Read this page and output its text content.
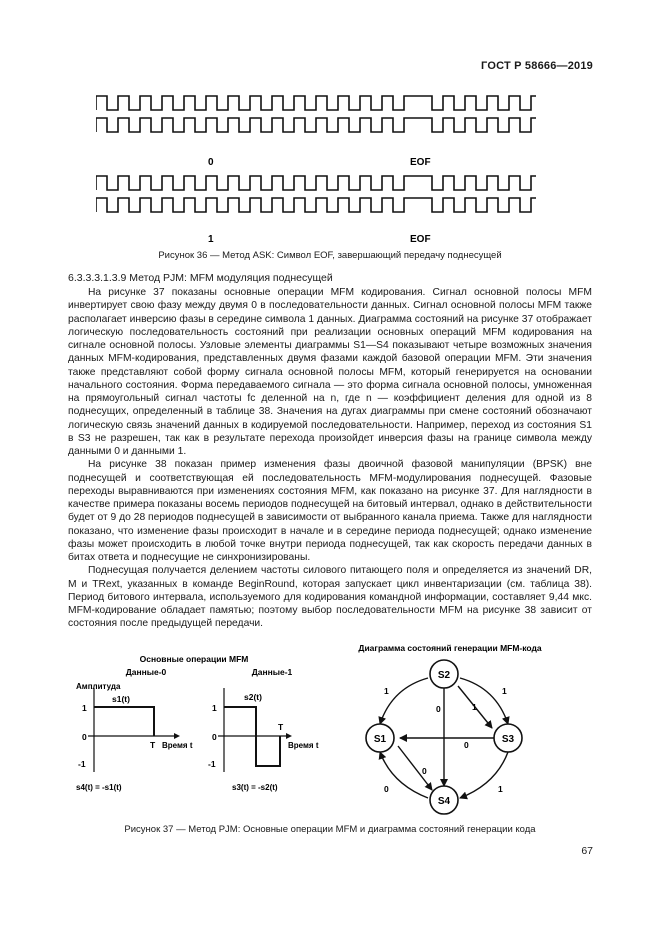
ГОСТ Р 58666—2019
0	EOF
1	EOF
Рисунок 36 — Метод ASK: Символ EOF, завершающий передачу поднесущей
6.3.3.3.1.3.9 Метод PJM: MFM модуляция поднесущей

На рисунке 37 показаны основные операции MFM кодирования. Сигнал основной полосы MFM инвертирует свою фазу между двумя 0 в последовательности данных. Сигнал основной полосы MFM также располагает инверсию фазы в середине символа 1 данных. Диаграмма состояний на рисунке 37 отображает логическую последовательность состояний при реализации основных операций MFM кодирования на сигнале основной полосы. Узловые элементы диаграммы S1—S4 показывают четыре возможных значения данных MFM-кодирования, представленных двумя фазами каждой базовой операции MFM. Эти значения также представляют собой форму сигнала основной полосы MFM, который генерируется на основании начального состояния. Форма передаваемого сигнала — это форма сигнала основной полосы, умноженная на прямоугольный сигнал частоты fc деленной на n, где n — коэффициент деления для одной из 8 поднесущих, определенный в таблице 38. Значения на дугах диаграммы при смене состояний обозначают логическую связь значений данных в кодируемой последовательности. Например, переход из состояния S1 в S3 не разрешен, так как в результате перехода произойдет инверсия фазы на границе символа между данными 0 и данными 1.

На рисунке 38 показан пример изменения фазы двоичной фазовой манипуляции (BPSK) вне поднесущей и соответствующая ей последовательность MFM-модулирования поднесущей. Фазовые переходы выравниваются при изменениях состояния MFM, как показано на рисунке 37. Для наглядности в качестве примера показаны восемь периодов поднесущей на битовый интервал, однако в действительности будет от 9 до 28 периодов поднесущей в зависимости от выбранного канала приема. Также для наглядности показано, что изменение фазы происходит в начале и в середине периода поднесущей; однако изменение фазы может происходить в любой точке внутри периода поднесущей, так как скорость передачи данных в битах ответа и поднесущие не синхронизированы.

Поднесущая получается делением частоты силового питающего поля и определяется из значений DR, M и TRext, указанных в команде BeginRound, которая запускает цикл инвентаризации (см. таблица 38). Период битового интервала, используемого для кодирования командной информации, составляет 9,44 мкс. MFM-кодирование обладает памятью; поэтому выбор последовательности MFM на рисунке 38 зависит от состояния после предыдущей передачи.

Основные операции MFM
Данные-0	Данные-1
Амплитуда
s1(t)
1
0
-1
T Время t
s4(t) = -s1(t)
s2(t)
1
0
-1
T
Время t
s3(t) = -s2(t)
Диаграмма состояний генерации MFM-кода
S2
S1	S3
S4
1	1
0	1
0
0
0	1
Рисунок 37 — Метод PJM: Основные операции MFM и диаграмма состояний генерации кода
67
